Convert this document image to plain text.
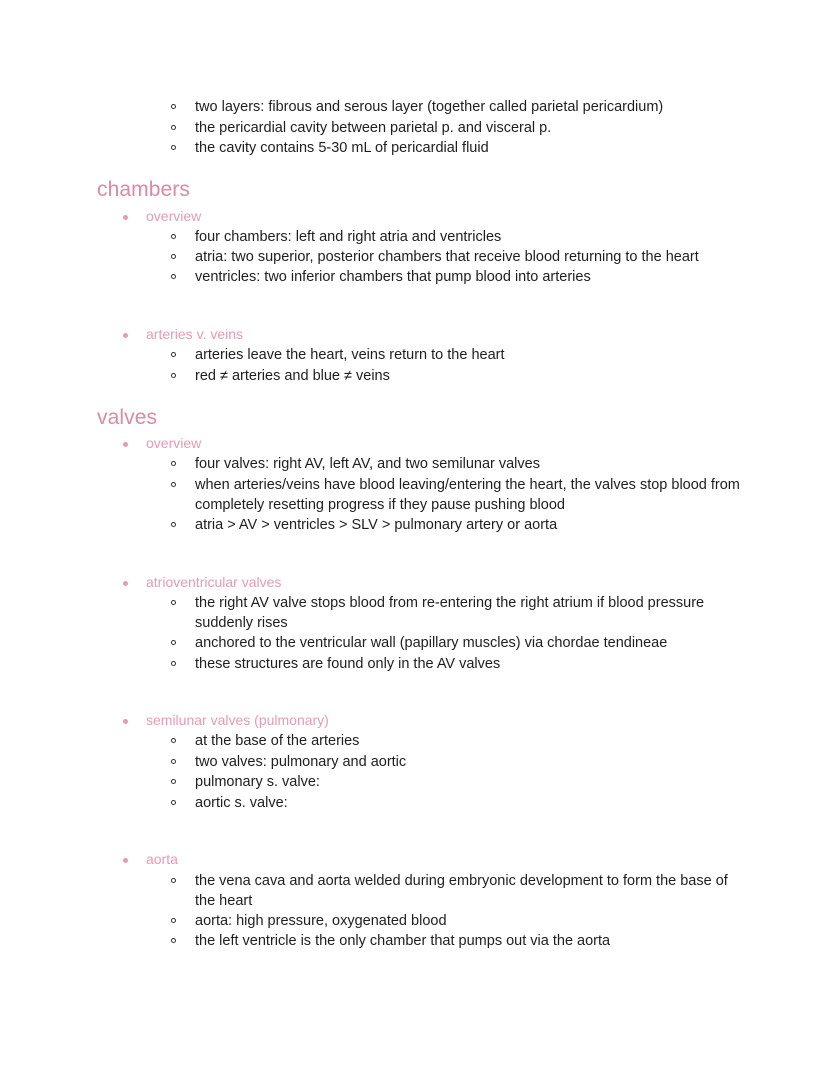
two layers: fibrous and serous layer (together called parietal pericardium)
the pericardial cavity between parietal p. and visceral p.
the cavity contains 5-30 mL of pericardial fluid
chambers
overview
four chambers: left and right atria and ventricles
atria: two superior, posterior chambers that receive blood returning to the heart
ventricles: two inferior chambers that pump blood into arteries
arteries v. veins
arteries leave the heart, veins return to the heart
red ≠ arteries and blue ≠ veins
valves
overview
four valves: right AV, left AV, and two semilunar valves
when arteries/veins have blood leaving/entering the heart, the valves stop blood from completely resetting progress if they pause pushing blood
atria > AV > ventricles > SLV > pulmonary artery or aorta
atrioventricular valves
the right AV valve stops blood from re-entering the right atrium if blood pressure suddenly rises
anchored to the ventricular wall (papillary muscles) via chordae tendineae
these structures are found only in the AV valves
semilunar valves (pulmonary)
at the base of the arteries
two valves: pulmonary and aortic
pulmonary s. valve:
aortic s. valve:
aorta
the vena cava and aorta welded during embryonic development to form the base of the heart
aorta: high pressure, oxygenated blood
the left ventricle is the only chamber that pumps out via the aorta
